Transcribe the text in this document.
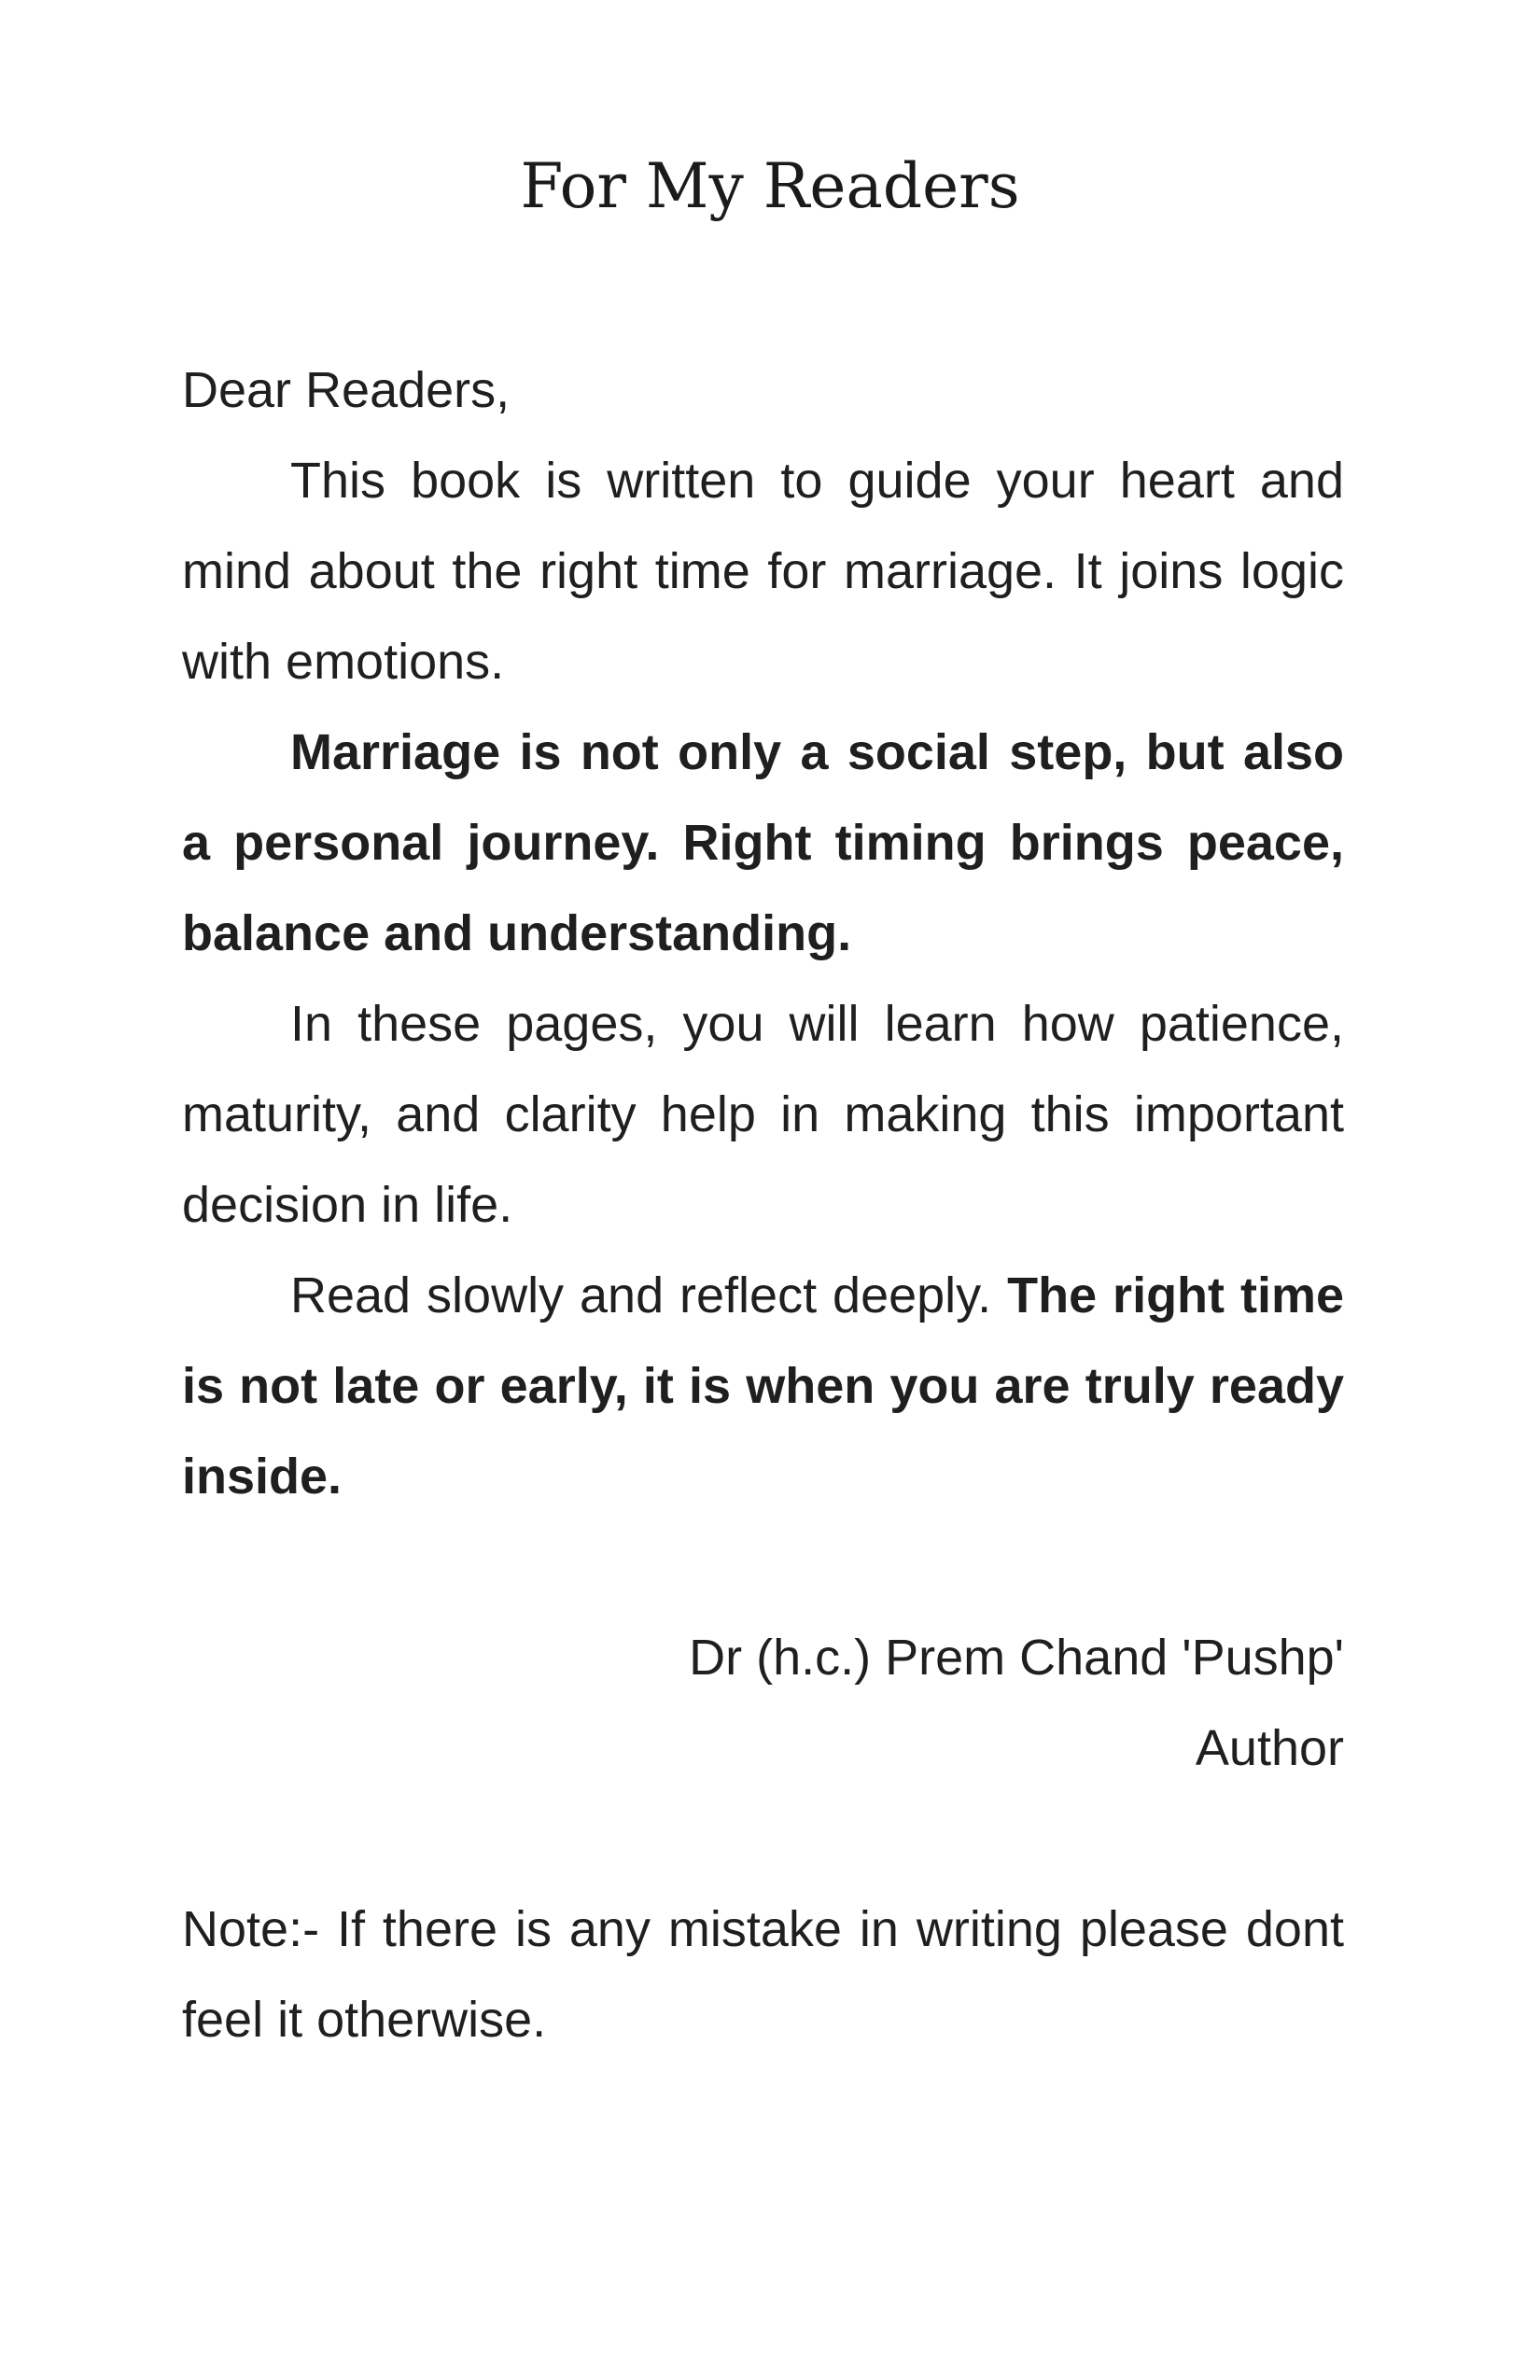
For My Readers

Dear Readers,

This book is written to guide your heart and mind about the right time for marriage. It joins logic with emotions.

Marriage is not only a social step, but also a personal journey. Right timing brings peace, balance and understanding.

In these pages, you will learn how patience, maturity, and clarity help in making this important decision in life.

Read slowly and reflect deeply. The right time is not late or early, it is when you are truly ready inside.

Dr (h.c.) Prem Chand 'Pushp'
Author

Note:- If there is any mistake in writing please dont feel it otherwise.
